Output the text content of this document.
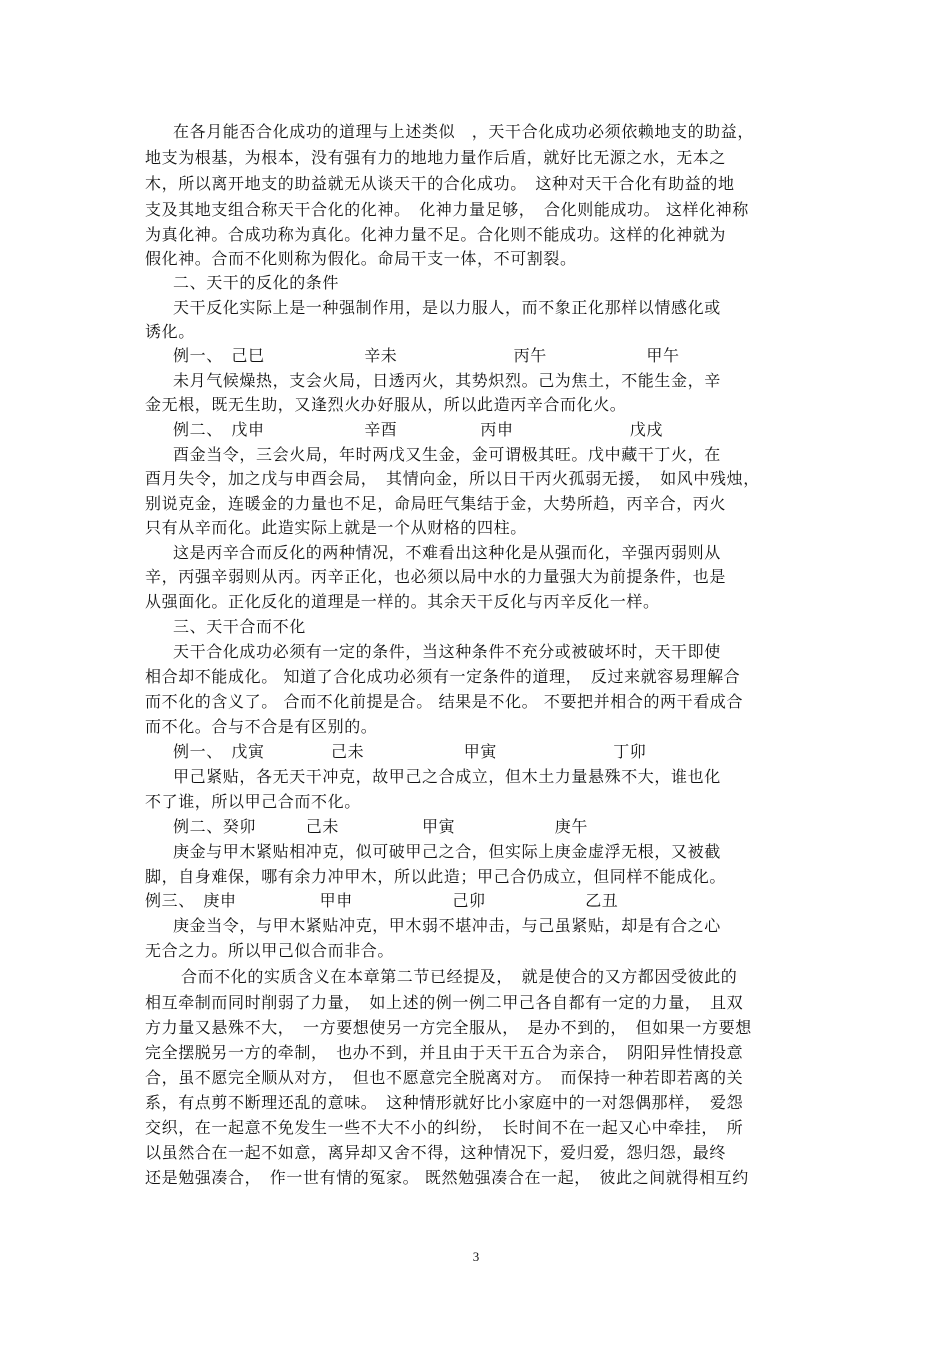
在各月能否合化成功的道理与上述类似　，天干合化成功必须依赖地支的助益，
地支为根基，为根本，没有强有力的地地力量作后盾，就好比无源之水，无本之
木，所以离开地支的助益就无从谈天干的合化成功。　这种对天干合化有助益的地
支及其地支组合称天干合化的化神。　化神力量足够，　合化则能成功。 这样化神称
为真化神。合成功称为真化。化神力量不足。合化则不能成功。这样的化神就为
假化神。合而不化则称为假化。命局干支一体，不可割裂。
二、天干的反化的条件
天干反化实际上是一种强制作用，是以力服人，而不象正化那样以情感化或
诱化。
例一、　己巳　　　　　　辛未　　　　　　　丙午　　　　　　甲午
未月气候燥热，支会火局，日透丙火，其势炽烈。己为焦土，不能生金，辛
金无根，既无生助，又逢烈火办好服从，所以此造丙辛合而化火。
例二、　戊申　　　　　　辛酉　　　　　丙申　　　　　　　戊戌
酉金当令，三会火局，年时两戊又生金，金可谓极其旺。戊中藏干丁火，在
酉月失令，加之戊与申酉会局，　其情向金，所以日干丙火孤弱无援，　如风中残烛，
别说克金，连暖金的力量也不足，命局旺气集结于金，大势所趋，丙辛合，丙火
只有从辛而化。此造实际上就是一个从财格的四柱。
这是丙辛合而反化的两种情况，不难看出这种化是从强而化，辛强丙弱则从
辛，丙强辛弱则从丙。丙辛正化，也必须以局中水的力量强大为前提条件，也是
从强面化。正化反化的道理是一样的。其余天干反化与丙辛反化一样。
三、天干合而不化
天干合化成功必须有一定的条件，当这种条件不充分或被破坏时，天干即使
相合却不能成化。 知道了合化成功必须有一定条件的道理，　反过来就容易理解合
而不化的含义了。 合而不化前提是合。 结果是不化。 不要把并相合的两干看成合
而不化。合与不合是有区别的。
例一、　戊寅　　　　己未　　　　　　甲寅　　　　　　　丁卯
甲己紧贴，各无天干冲克，故甲己之合成立，但木土力量悬殊不大，谁也化
不了谁，所以甲己合而不化。
例二、癸卯　　　己未　　　　　甲寅　　　　　　庚午
庚金与甲木紧贴相冲克，似可破甲己之合，但实际上庚金虚浮无根，又被截
脚，自身难保，哪有余力冲甲木，所以此造；甲己合仍成立，但同样不能成化。
例三、　庚申　　　　　甲申　　　　　　己卯　　　　　　乙丑
庚金当令，与甲木紧贴冲克，甲木弱不堪冲击，与己虽紧贴，却是有合之心
无合之力。所以甲己似合而非合。
合而不化的实质含义在本章第二节已经提及，　就是使合的又方都因受彼此的
相互牵制而同时削弱了力量，　如上述的例一例二甲己各自都有一定的力量，　且双
方力量又悬殊不大，　一方要想使另一方完全服从，　是办不到的，　但如果一方要想
完全摆脱另一方的牵制，　也办不到，并且由于天干五合为亲合，　阴阳异性情投意
合，虽不愿完全顺从对方，　但也不愿意完全脱离对方。　而保持一种若即若离的关
系，有点剪不断理还乱的意味。　这种情形就好比小家庭中的一对怨偶那样，　爱怨
交织，在一起意不免发生一些不大不小的纠纷，　长时间不在一起又心中牵挂，　所
以虽然合在一起不如意，离异却又舍不得，这种情况下，爱归爱，怨归怨，最终
还是勉强凑合，　作一世有情的冤家。 既然勉强凑合在一起，　彼此之间就得相互约
3
